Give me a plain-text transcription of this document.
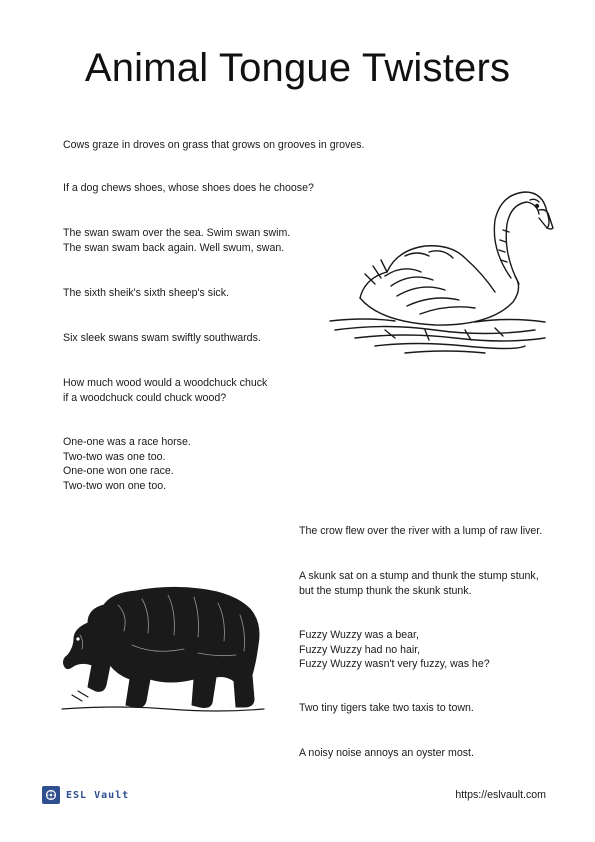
Animal Tongue Twisters
Cows graze in droves on grass that grows on grooves in groves.
If a dog chews shoes, whose shoes does he choose?
The swan swam over the sea. Swim swan swim.
The swan swam back again. Well swum, swan.
The sixth sheik's sixth sheep's sick.
Six sleek swans swam swiftly southwards.
How much wood would a woodchuck chuck
if a woodchuck could chuck wood?
One-one was a race horse.
Two-two was one too.
One-one won one race.
Two-two won one too.
The crow flew over the river with a lump of raw liver.
A skunk sat on a stump and thunk the stump stunk,
but the stump thunk the skunk stunk.
Fuzzy Wuzzy was a bear,
Fuzzy Wuzzy had no hair,
Fuzzy Wuzzy wasn't very fuzzy, was he?
Two tiny tigers take two taxis to town.
A noisy noise annoys an oyster most.
ESL Vault	https://eslvault.com
